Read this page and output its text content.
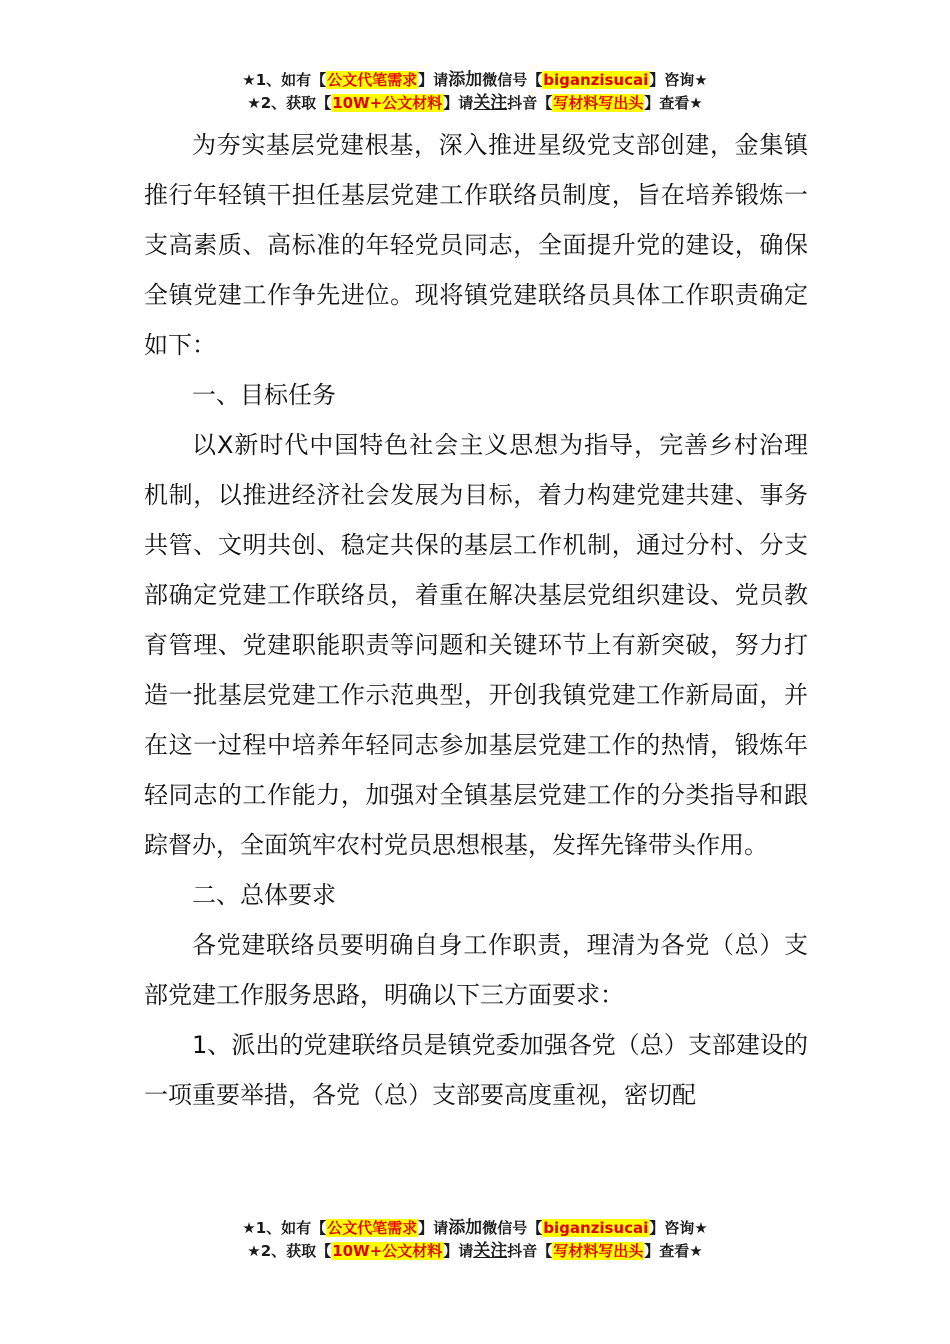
★1、如有【公文代笔需求】请添加微信号【biganzisucai】咨询★
★2、获取【10W+公文材料】请关注抖音【写材料写出头】查看★

为夯实基层党建根基，深入推进星级党支部创建，金集镇推行年轻镇干担任基层党建工作联络员制度，旨在培养锻炼一支高素质、高标准的年轻党员同志，全面提升党的建设，确保全镇党建工作争先进位。现将镇党建联络员具体工作职责确定如下：

一、目标任务

以X新时代中国特色社会主义思想为指导，完善乡村治理机制，以推进经济社会发展为目标，着力构建党建共建、事务共管、文明共创、稳定共保的基层工作机制，通过分村、分支部确定党建工作联络员，着重在解决基层党组织建设、党员教育管理、党建职能职责等问题和关键环节上有新突破，努力打造一批基层党建工作示范典型，开创我镇党建工作新局面，并在这一过程中培养年轻同志参加基层党建工作的热情，锻炼年轻同志的工作能力，加强对全镇基层党建工作的分类指导和跟踪督办，全面筑牢农村党员思想根基，发挥先锋带头作用。

二、总体要求

各党建联络员要明确自身工作职责，理清为各党（总）支部党建工作服务思路，明确以下三方面要求：

1、派出的党建联络员是镇党委加强各党（总）支部建设的一项重要举措，各党（总）支部要高度重视，密切配

★1、如有【公文代笔需求】请添加微信号【biganzisucai】咨询★
★2、获取【10W+公文材料】请关注抖音【写材料写出头】查看★
